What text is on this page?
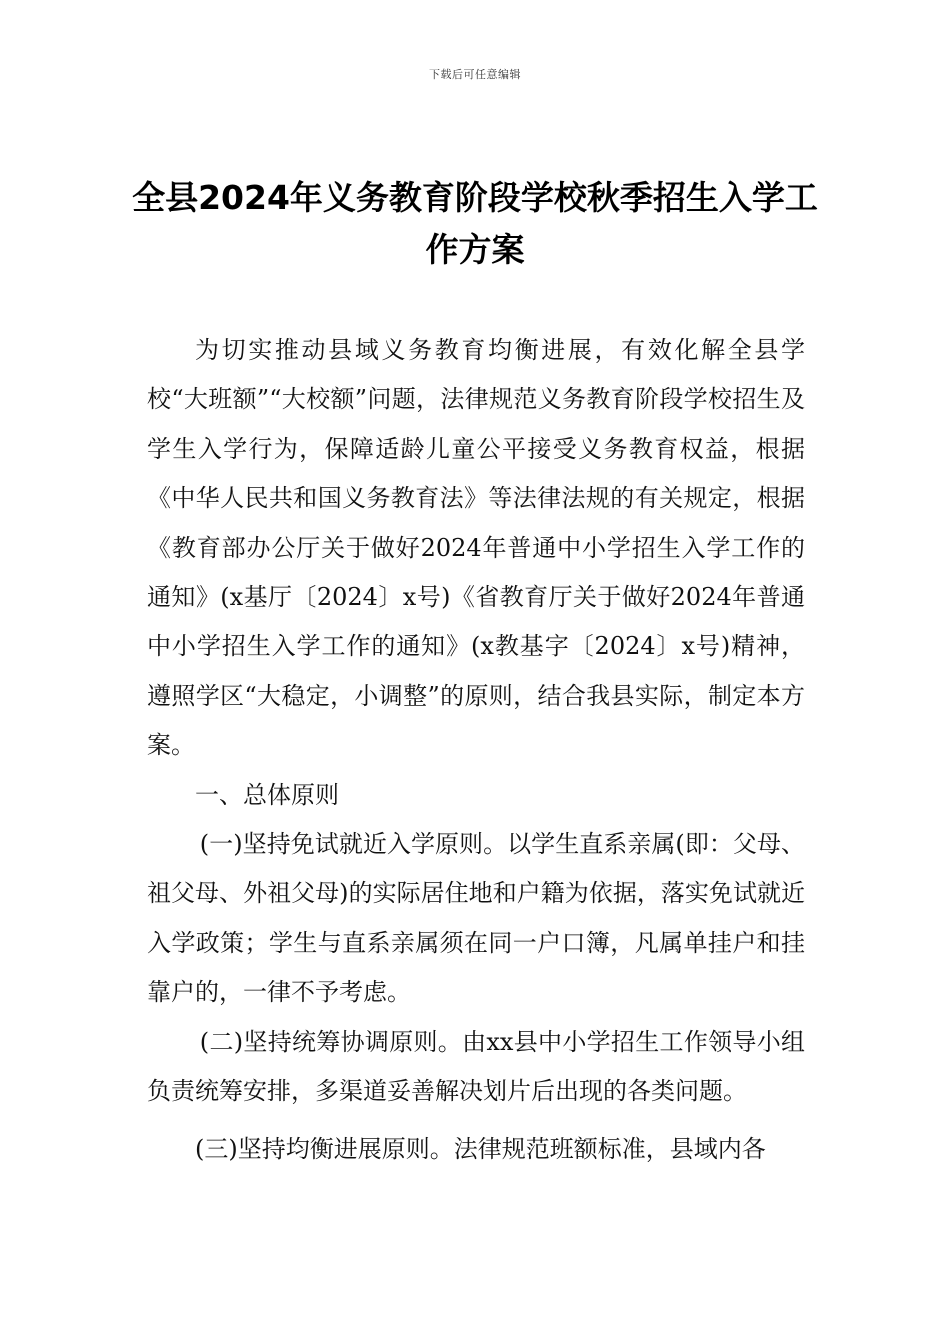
下载后可任意编辑
全县2024年义务教育阶段学校秋季招生入学工作方案

为切实推动县域义务教育均衡进展，有效化解全县学校“大班额”“大校额”问题，法律规范义务教育阶段学校招生及学生入学行为，保障适龄儿童公平接受义务教育权益，根据《中华人民共和国义务教育法》等法律法规的有关规定，根据《教育部办公厅关于做好2024年普通中小学招生入学工作的通知》(x基厅〔2024〕x号)《省教育厅关于做好2024年普通中小学招生入学工作的通知》(x教基字〔2024〕x号)精神，遵照学区“大稳定，小调整”的原则，结合我县实际，制定本方案。

一、总体原则

(一)坚持免试就近入学原则。以学生直系亲属(即：父母、祖父母、外祖父母)的实际居住地和户籍为依据，落实免试就近入学政策；学生与直系亲属须在同一户口簿，凡属单挂户和挂靠户的，一律不予考虑。

(二)坚持统筹协调原则。由xx县中小学招生工作领导小组负责统筹安排，多渠道妥善解决划片后出现的各类问题。

(三)坚持均衡进展原则。法律规范班额标准，县域内各
